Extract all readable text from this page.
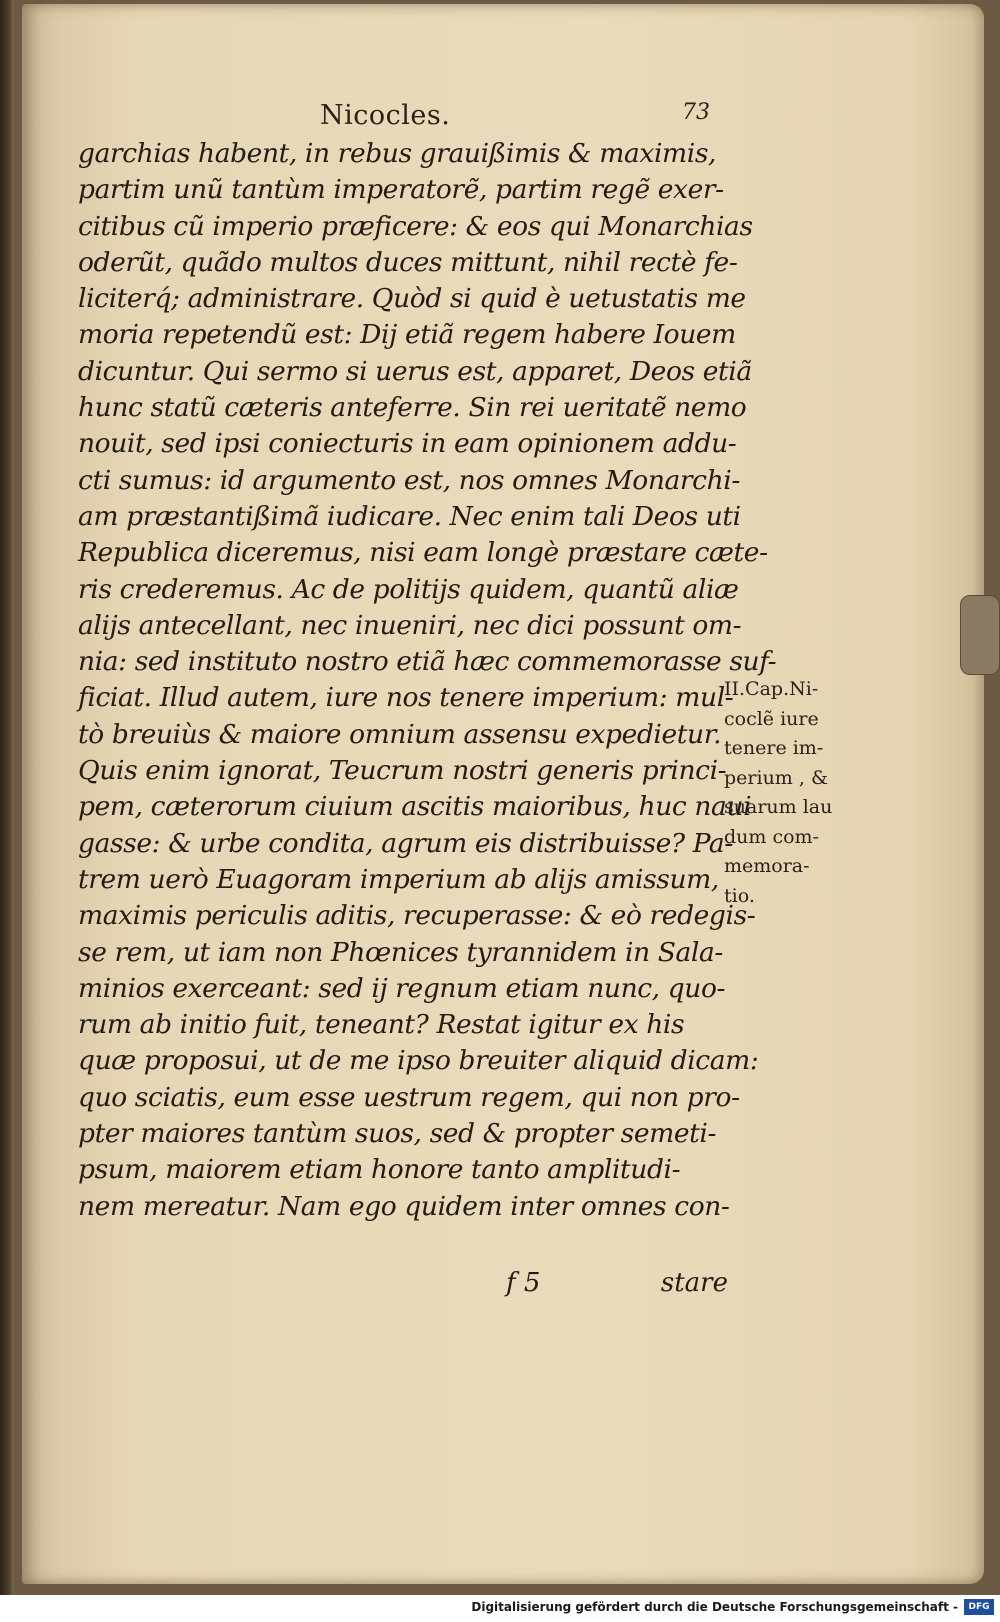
Nicocles.	73
garchias habent, in rebus grauißimis & maximis,
partim unũ tantùm imperatorẽ, partim regẽ exer-
citibus cũ imperio præficere: & eos qui Monarchias
oderũt, quãdo multos duces mittunt, nihil rectè fe-
liciterq́; administrare. Quòd si quid è uetustatis me
moria repetendũ est: Dij etiã regem habere Iouem
dicuntur. Qui sermo si uerus est, apparet, Deos etiã
hunc statũ cæteris anteferre. Sin rei ueritatẽ nemo
nouit, sed ipsi coniecturis in eam opinionem addu-
cti sumus: id argumento est, nos omnes Monarchi-
am præstantißimã iudicare. Nec enim tali Deos uti
Republica diceremus, nisi eam longè præstare cæte-
ris crederemus. Ac de politijs quidem, quantũ aliæ
alijs antecellant, nec inueniri, nec dici possunt om-
nia: sed instituto nostro etiã hæc commemorasse suf-
ficiat. Illud autem, iure nos tenere imperium: mul-
tò breuiùs & maiore omnium assensu expedietur.
Quis enim ignorat, Teucrum nostri generis princi-
pem, cæterorum ciuium ascitis maioribus, huc naui
gasse: & urbe condita, agrum eis distribuisse? Pa-
trem uerò Euagoram imperium ab alijs amissum,
maximis periculis aditis, recuperasse: & eò redegis-
se rem, ut iam non Phœnices tyrannidem in Sala-
minios exerceant: sed ij regnum etiam nunc, quo-
rum ab initio fuit, teneant? Restat igitur ex his
quæ proposui, ut de me ipso breuiter aliquid dicam:
quo sciatis, eum esse uestrum regem, qui non pro-
pter maiores tantùm suos, sed & propter semeti-
psum, maiorem etiam honore tanto amplitudi-
nem mereatur. Nam ego quidem inter omnes con-
f 5	stare
II.Cap.Ni-
coclẽ iure
tenere im-
perium , &
suarum lau
dum com-
memora-
tio.
Digitalisierung gefördert durch die Deutsche Forschungsgemeinschaft -	DFG
